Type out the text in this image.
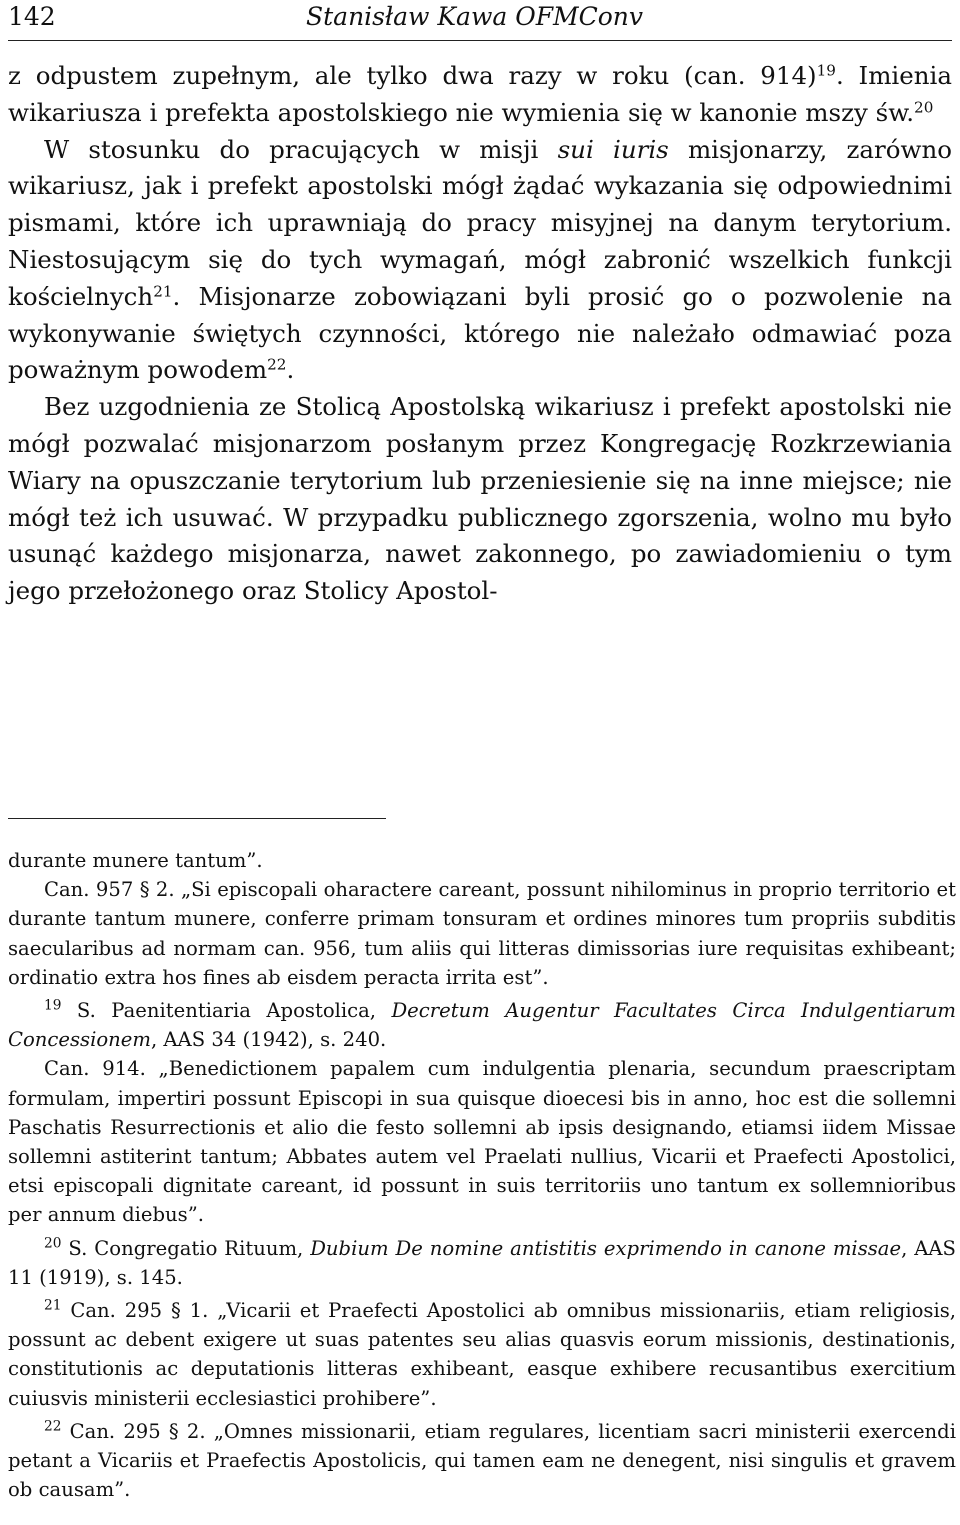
142	Stanisław Kawa OFMConv

z odpustem zupełnym, ale tylko dwa razy w roku (can. 914)$^{19}$. Imienia wikariusza i prefekta apostolskiego nie wymienia się w kanonie mszy św.$^{20}$

W stosunku do pracujących w misji sui iuris misjonarzy, zarówno wikariusz, jak i prefekt apostolski mógł żądać wykazania się odpowiednimi pismami, które ich uprawniają do pracy misyjnej na danym terytorium. Niestosującym się do tych wymagań, mógł zabronić wszelkich funkcji kościelnych$^{21}$. Misjonarze zobowiązani byli prosić go o pozwolenie na wykonywanie świętych czynności, którego nie należało odmawiać poza poważnym powodem$^{22}$.

Bez uzgodnienia ze Stolicą Apostolską wikariusz i prefekt apostolski nie mógł pozwalać misjonarzom posłanym przez Kongregację Rozkrzewiania Wiary na opuszczanie terytorium lub przeniesienie się na inne miejsce; nie mógł też ich usuwać. W przypadku publicznego zgorszenia, wolno mu było usunąć każdego misjonarza, nawet zakonnego, po zawiadomieniu o tym jego przełożonego oraz Stolicy Apostol-

durante munere tantum”.

Can. 957 § 2. „Si episcopali oharactere careant, possunt nihilominus in proprio territorio et durante tantum munere, conferre primam tonsuram et ordines minores tum propriis subditis saecularibus ad normam can. 956, tum aliis qui litteras dimissorias iure requisitas exhibeant; ordinatio extra hos fines ab eisdem peracta irrita est”.

$^{19}$ S. Paenitentiaria Apostolica, Decretum Augentur Facultates Circa Indulgentiarum Concessionem, AAS 34 (1942), s. 240.

Can. 914. „Benedictionem papalem cum indulgentia plenaria, secundum praescriptam formulam, impertiri possunt Episcopi in sua quisque dioecesi bis in anno, hoc est die sollemni Paschatis Resurrectionis et alio die festo sollemni ab ipsis designando, etiamsi iidem Missae sollemni astiterint tantum; Abbates autem vel Praelati nullius, Vicarii et Praefecti Apostolici, etsi episcopali dignitate careant, id possunt in suis territoriis uno tantum ex sollemnioribus per annum diebus”.

$^{20}$ S. Congregatio Rituum, Dubium De nomine antistitis exprimendo in canone missae, AAS 11 (1919), s. 145.

$^{21}$ Can. 295 § 1. „Vicarii et Praefecti Apostolici ab omnibus missionariis, etiam religiosis, possunt ac debent exigere ut suas patentes seu alias quasvis eorum missionis, destinationis, constitutionis ac deputationis litteras exhibeant, easque exhibere recusantibus exercitium cuiusvis ministerii ecclesiastici prohibere”.

$^{22}$ Can. 295 § 2. „Omnes missionarii, etiam regulares, licentiam sacri ministerii exercendi petant a Vicariis et Praefectis Apostolicis, qui tamen eam ne denegent, nisi singulis et gravem ob causam”.
